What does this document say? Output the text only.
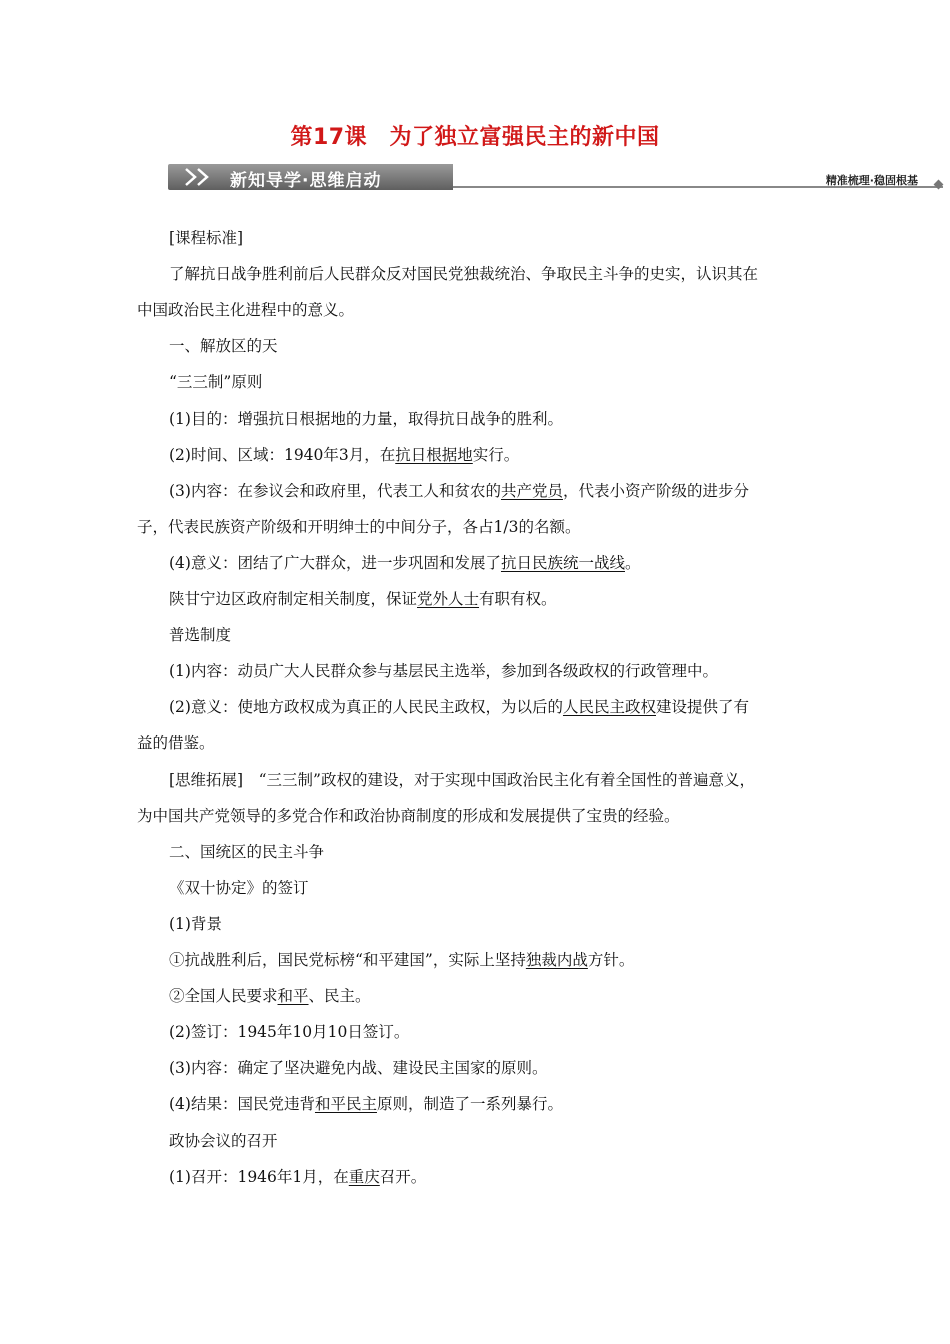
第17课　为了独立富强民主的新中国
新知导学·思维启动	精准梳理·稳固根基

[课程标准]

了解抗日战争胜利前后人民群众反对国民党独裁统治、争取民主斗争的史实，认识其在

中国政治民主化进程中的意义。

一、解放区的天

“三三制”原则

(1)目的：增强抗日根据地的力量，取得抗日战争的胜利。

(2)时间、区域：1940年3月，在抗日根据地实行。

(3)内容：在参议会和政府里，代表工人和贫农的共产党员，代表小资产阶级的进步分

子，代表民族资产阶级和开明绅士的中间分子，各占1/3的名额。

(4)意义：团结了广大群众，进一步巩固和发展了抗日民族统一战线。

陕甘宁边区政府制定相关制度，保证党外人士有职有权。

普选制度

(1)内容：动员广大人民群众参与基层民主选举，参加到各级政权的行政管理中。

(2)意义：使地方政权成为真正的人民民主政权，为以后的人民民主政权建设提供了有

益的借鉴。

[思维拓展]　“三三制”政权的建设，对于实现中国政治民主化有着全国性的普遍意义，

为中国共产党领导的多党合作和政治协商制度的形成和发展提供了宝贵的经验。

二、国统区的民主斗争

《双十协定》的签订

(1)背景

①抗战胜利后，国民党标榜“和平建国”，实际上坚持独裁内战方针。

②全国人民要求和平、民主。

(2)签订：1945年10月10日签订。

(3)内容：确定了坚决避免内战、建设民主国家的原则。

(4)结果：国民党违背和平民主原则，制造了一系列暴行。

政协会议的召开

(1)召开：1946年1月，在重庆召开。
